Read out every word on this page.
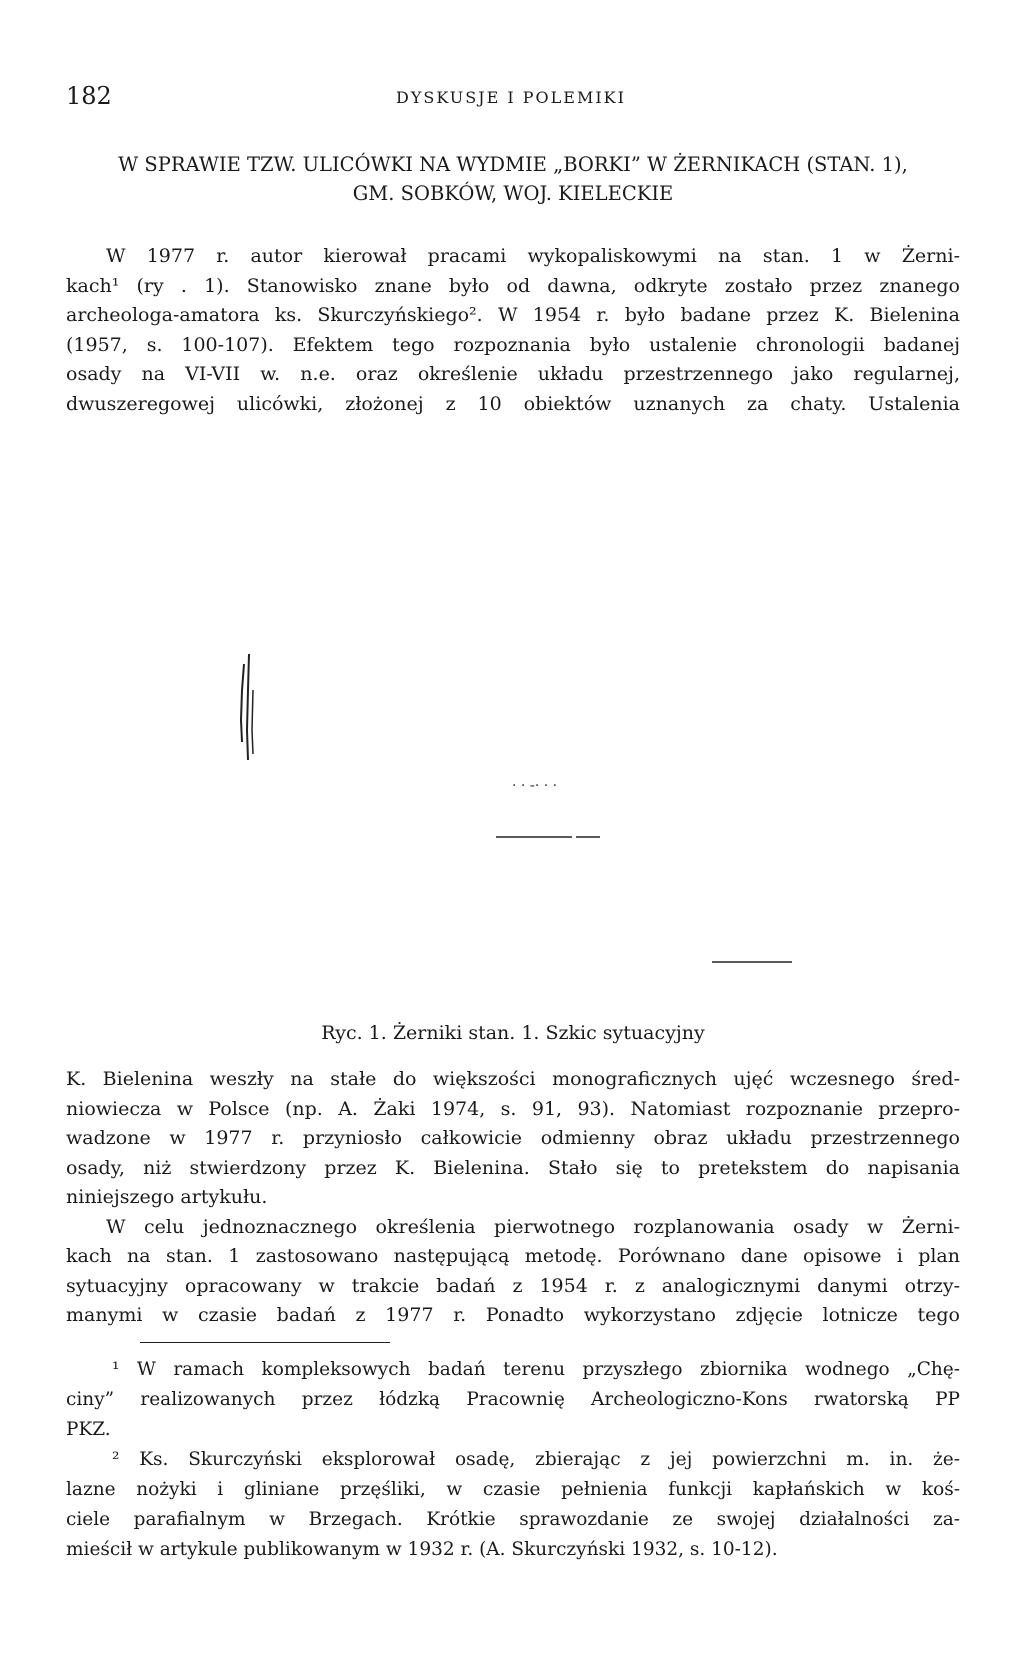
182	DYSKUSJE I POLEMIKI
W SPRAWIE TZW. ULICÓWKI NA WYDMIE „BORKI” W ŻERNIKACH (STAN. 1),
GM. SOBKÓW, WOJ. KIELECKIE
W 1977 r. autor kierował pracami wykopaliskowymi na stan. 1 w Żerni-
kach¹ (ry . 1). Stanowisko znane było od dawna, odkryte zostało przez znanego
archeologa-amatora ks. Skurczyńskiego². W 1954 r. było badane przez K. Bielenina
(1957, s. 100-107). Efektem tego rozpoznania było ustalenie chronologii badanej
osady na VI-VII w. n.e. oraz określenie układu przestrzennego jako regularnej,
dwuszeregowej ulicówki, złożonej z 10 obiektów uznanych za chaty. Ustalenia
· · -· · ·
Ryc. 1. Żerniki stan. 1. Szkic sytuacyjny
K. Bielenina weszły na stałe do większości monograficznych ujęć wczesnego śred-
niowiecza w Polsce (np. A. Żaki 1974, s. 91, 93). Natomiast rozpoznanie przepro-
wadzone w 1977 r. przyniosło całkowicie odmienny obraz układu przestrzennego
osady, niż stwierdzony przez K. Bielenina. Stało się to pretekstem do napisania
niniejszego artykułu.
W celu jednoznacznego określenia pierwotnego rozplanowania osady w Żerni-
kach na stan. 1 zastosowano następującą metodę. Porównano dane opisowe i plan
sytuacyjny opracowany w trakcie badań z 1954 r. z analogicznymi danymi otrzy-
manymi w czasie badań z 1977 r. Ponadto wykorzystano zdjęcie lotnicze tego
¹ W ramach kompleksowych badań terenu przyszłego zbiornika wodnego „Chę-
ciny” realizowanych przez łódzką Pracownię Archeologiczno-Kons rwatorską PP
PKZ.
² Ks. Skurczyński eksplorował osadę, zbierając z jej powierzchni m. in. że-
lazne nożyki i gliniane przęśliki, w czasie pełnienia funkcji kapłańskich w koś-
ciele parafialnym w Brzegach. Krótkie sprawozdanie ze swojej działalności za-
mieścił w artykule publikowanym w 1932 r. (A. Skurczyński 1932, s. 10-12).
